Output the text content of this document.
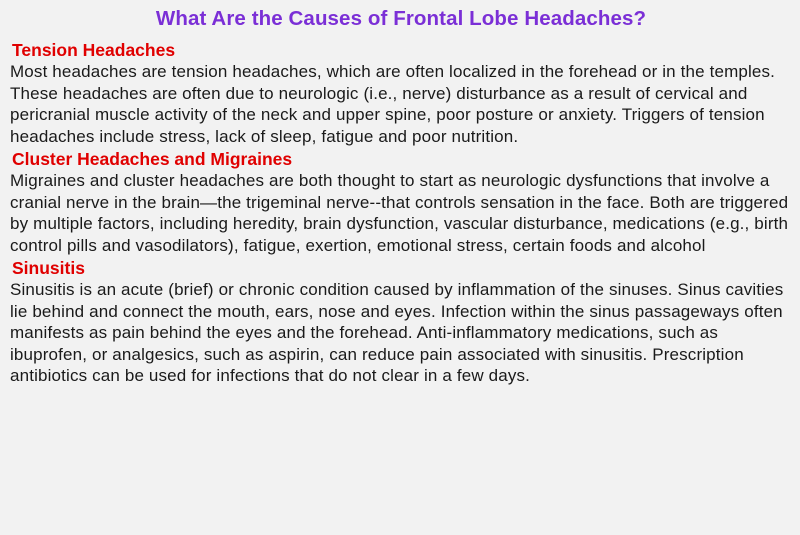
What Are the Causes of Frontal Lobe Headaches?
Tension Headaches

Most headaches are tension headaches, which are often localized in the forehead or in the temples. These headaches are often due to neurologic (i.e., nerve) disturbance as a result of cervical and pericranial muscle activity of the neck and upper spine, poor posture or anxiety. Triggers of tension headaches include stress, lack of sleep, fatigue and poor nutrition.

Cluster Headaches and Migraines

Migraines and cluster headaches are both thought to start as neurologic dysfunctions that involve a cranial nerve in the brain—the trigeminal nerve--that controls sensation in the face. Both are triggered by multiple factors, including heredity, brain dysfunction, vascular disturbance, medications (e.g., birth control pills and vasodilators), fatigue, exertion, emotional stress, certain foods and alcohol

Sinusitis

Sinusitis is an acute (brief) or chronic condition caused by inflammation of the sinuses. Sinus cavities lie behind and connect the mouth, ears, nose and eyes. Infection within the sinus passageways often manifests as pain behind the eyes and the forehead. Anti-inflammatory medications, such as ibuprofen, or analgesics, such as aspirin, can reduce pain associated with sinusitis. Prescription antibiotics can be used for infections that do not clear in a few days.
